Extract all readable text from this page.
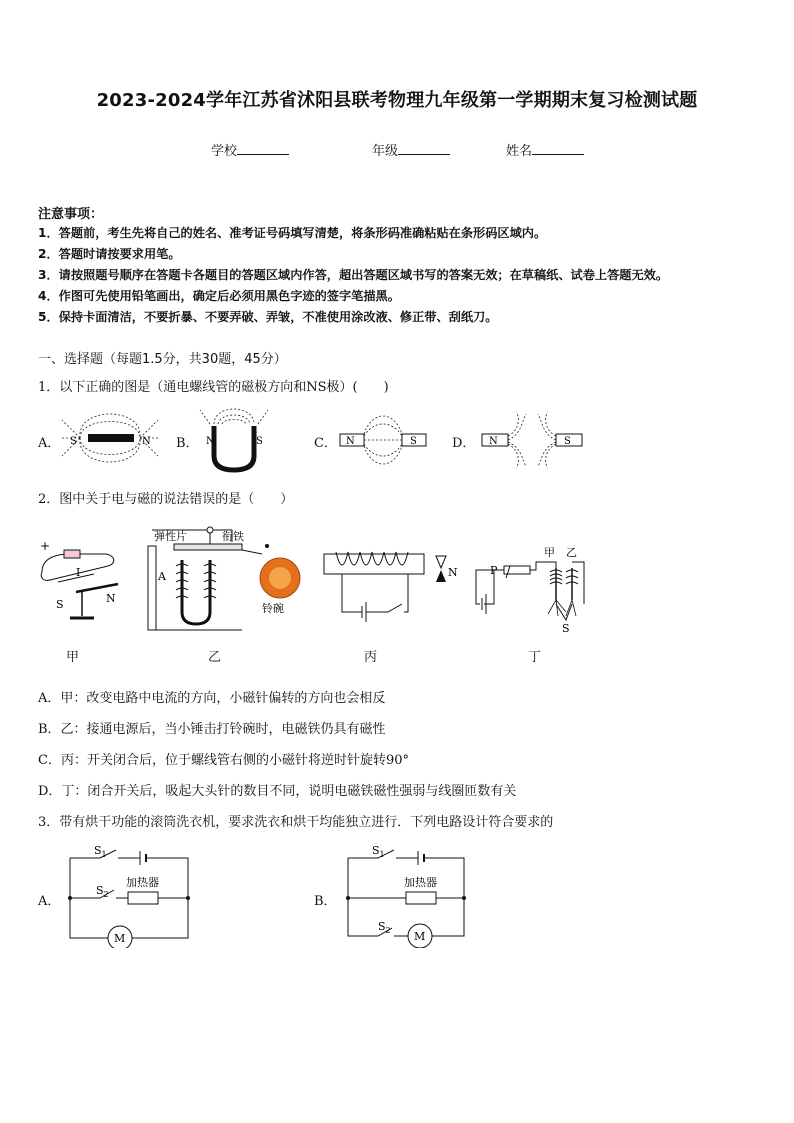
2023-2024学年江苏省沭阳县联考物理九年级第一学期期末复习检测试题
学校	年级	姓名
注意事项：
1．答题前，考生先将自己的姓名、准考证号码填写清楚，将条形码准确粘贴在条形码区域内。
2．答题时请按要求用笔。
3．请按照题号顺序在答题卡各题目的答题区域内作答，超出答题区域书写的答案无效；在草稿纸、试卷上答题无效。
4．作图可先使用铅笔画出，确定后必须用黑色字迹的签字笔描黑。
5．保持卡面清洁，不要折暴、不要弄破、弄皱，不准使用涂改液、修正带、刮纸刀。
一、选择题（每题1.5分，共30题，45分）
1．以下正确的图是（通电螺线管的磁极方向和NS极）(　　)
A． S	N B． N	S	C． N	S	D． N	S
2．图中关于电与磁的说法错误的是（　　）
+
I
S	N
弹性片	衔铁
A
铃碗
N
甲 乙
P
S
甲	乙	丙	丁
A．甲：改变电路中电流的方向，小磁针偏转的方向也会相反
B．乙：接通电源后，当小锤击打铃碗时，电磁铁仍具有磁性
C．丙：开关闭合后，位于螺线管右侧的小磁针将逆时针旋转90°
D．丁：闭合开关后，吸起大头针的数目不同，说明电磁铁磁性强弱与线圈匝数有关
3．带有烘干功能的滚筒洗衣机，要求洗衣和烘干均能独立进行．下列电路设计符合要求的
A．
$S_1$
$S_2$
加热器
M
B．
$S_1$
$S_2$
加热器
M
